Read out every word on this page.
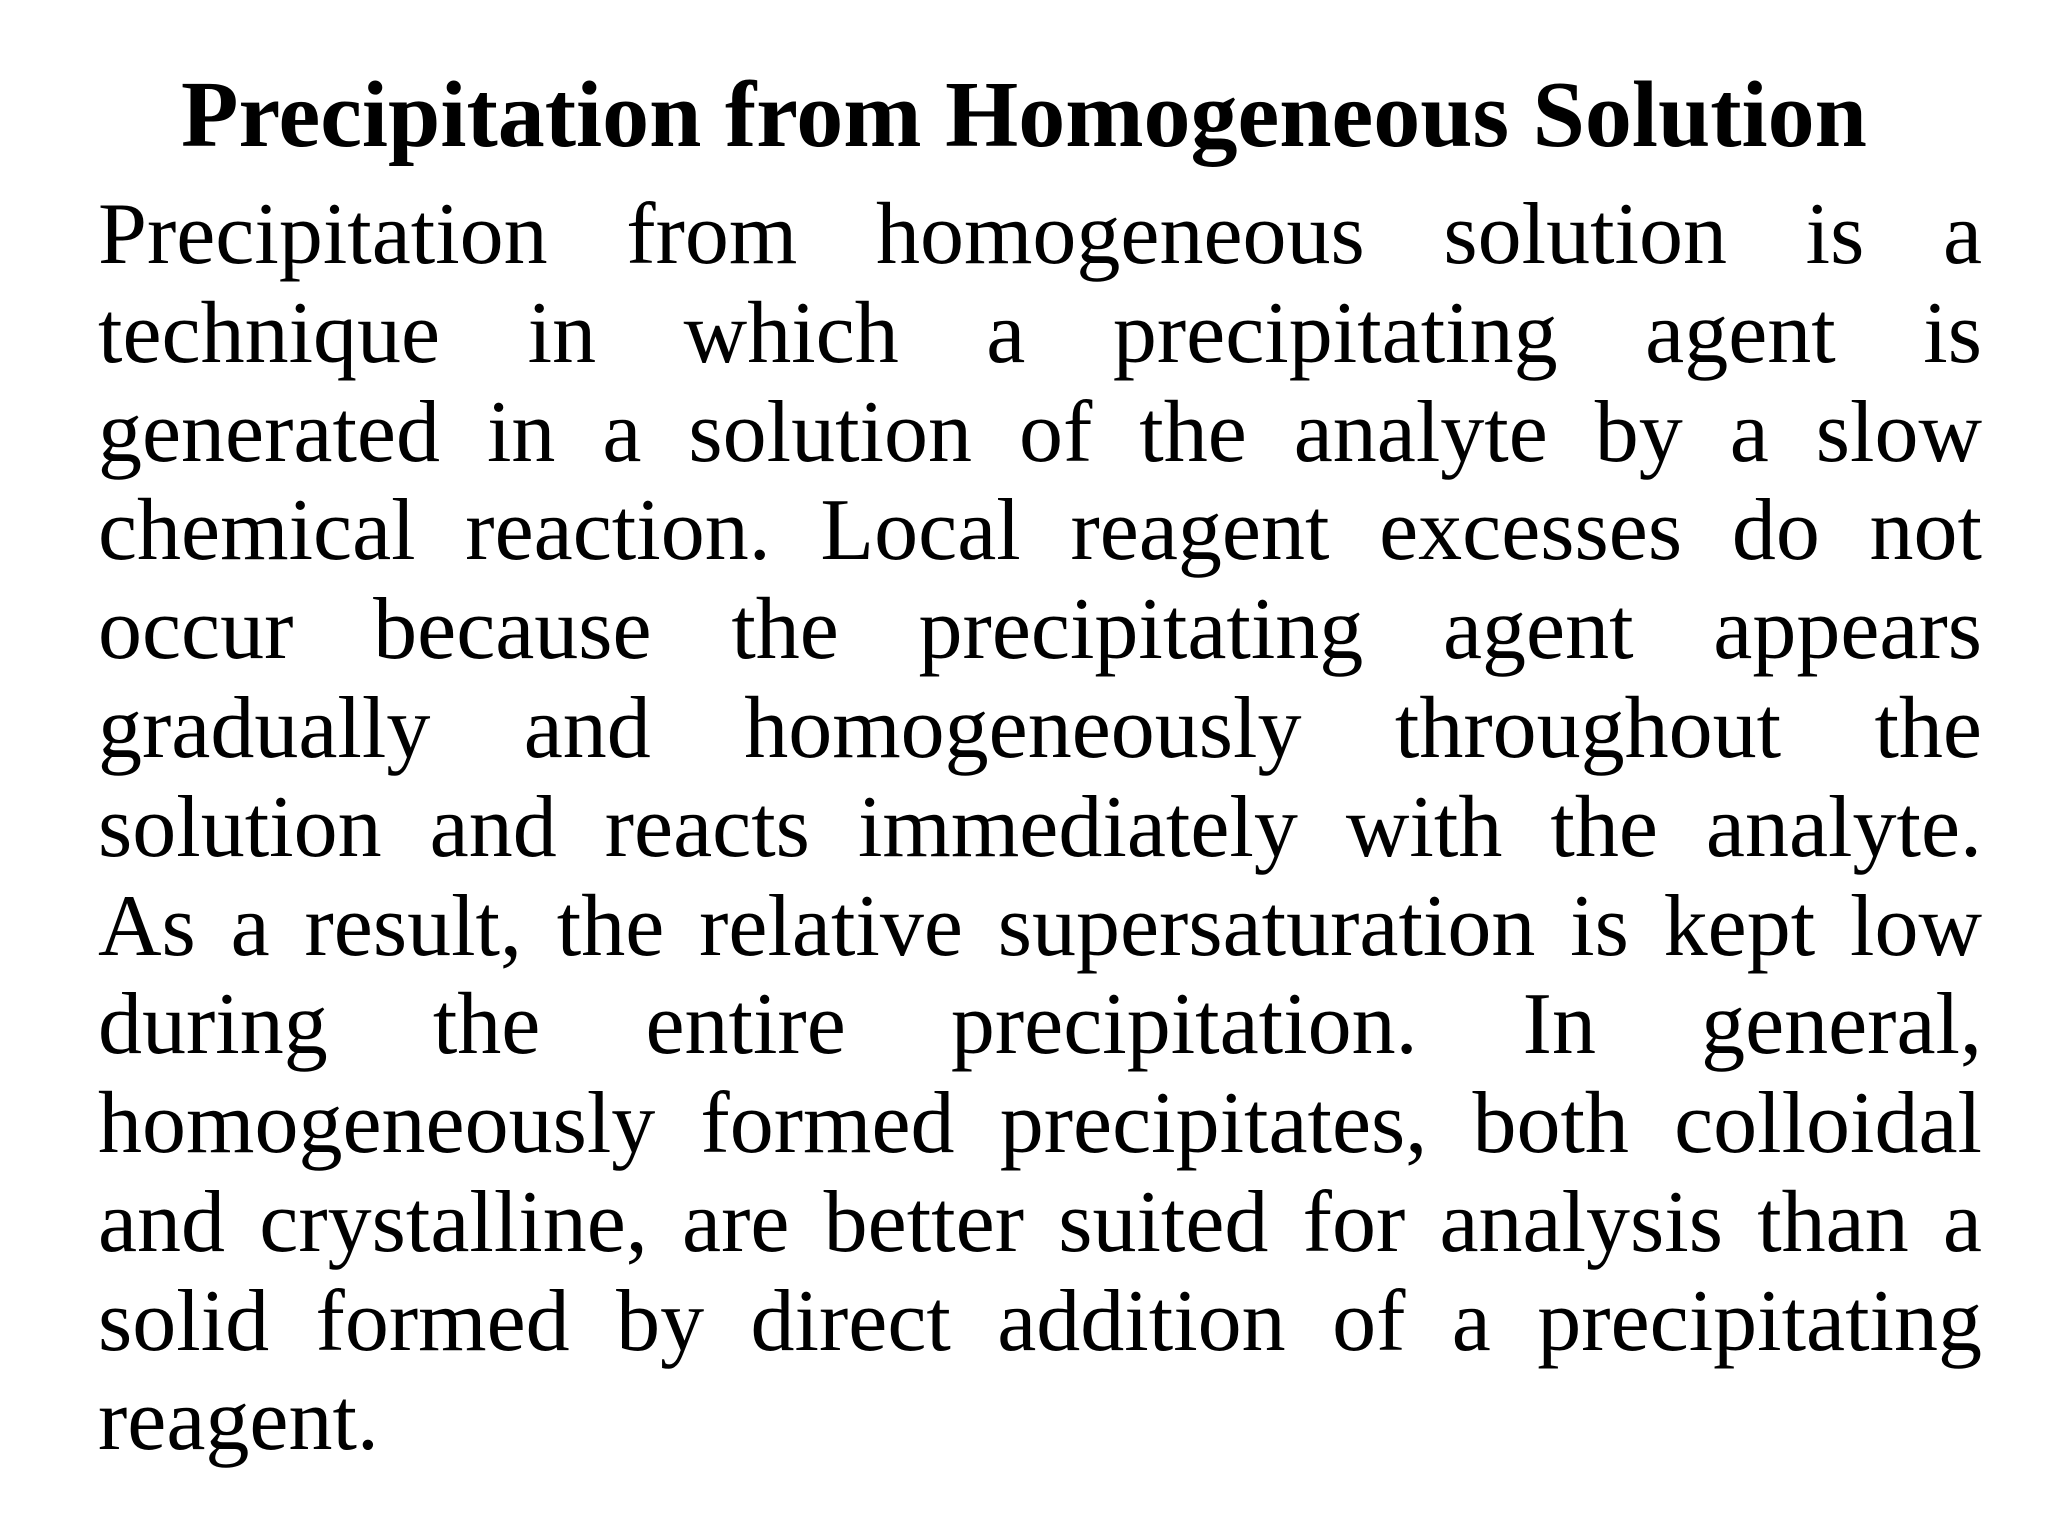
Precipitation from Homogeneous Solution
Precipitation from homogeneous solution is a
technique in which a precipitating agent is
generated in a solution of the analyte by a slow
chemical reaction. Local reagent excesses do not
occur because the precipitating agent appears
gradually and homogeneously throughout the
solution and reacts immediately with the analyte.
As a result, the relative supersaturation is kept low
during the entire precipitation. In general,
homogeneously formed precipitates, both colloidal
and crystalline, are better suited for analysis than a
solid formed by direct addition of a precipitating
reagent.
